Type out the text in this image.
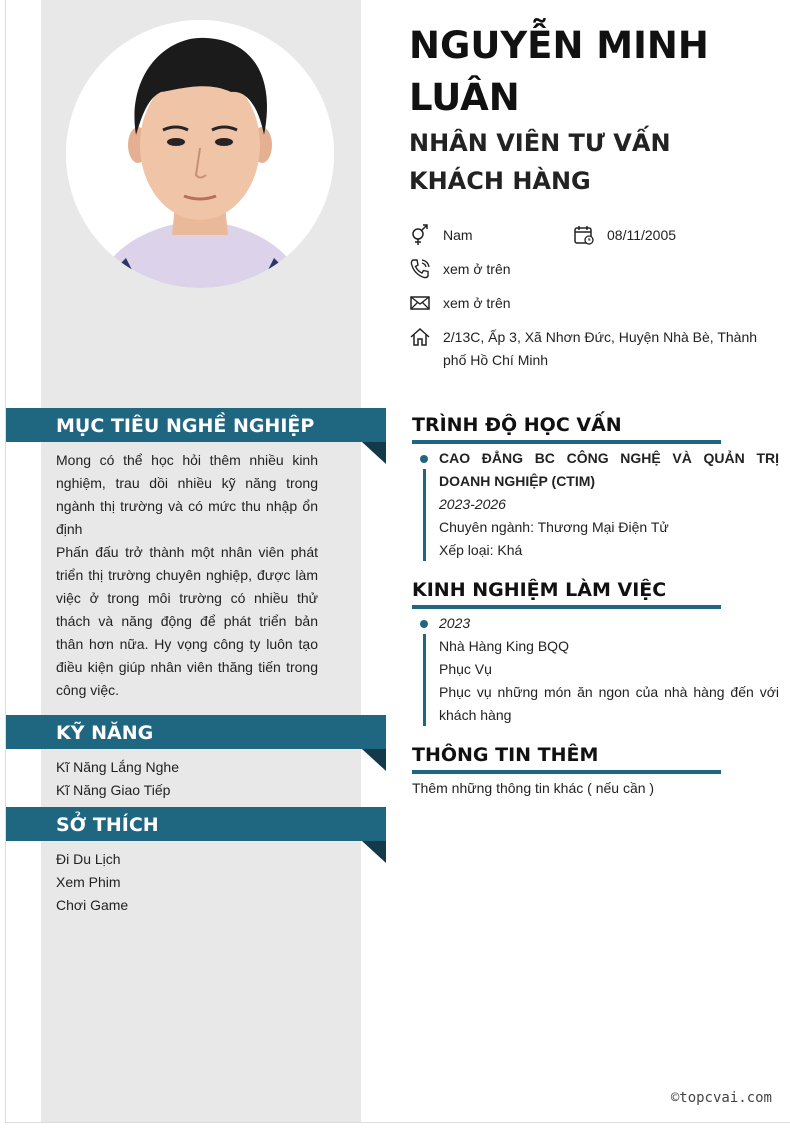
NGUYỄN MINH LUÂN
NHÂN VIÊN TƯ VẤN KHÁCH HÀNG
Nam	08/11/2005
xem ở trên
xem ở trên
2/13C, Ấp 3, Xã Nhơn Đức, Huyện Nhà Bè, Thành phố Hồ Chí Minh
MỤC TIÊU NGHỀ NGHIỆP

Mong có thể học hỏi thêm nhiều kinh nghiệm, trau dồi nhiều kỹ năng trong ngành thị trường và có mức thu nhập ổn định

Phấn đấu trở thành một nhân viên phát triển thị trường chuyên nghiệp, được làm việc ở trong môi trường có nhiều thử thách và năng động để phát triển bản thân hơn nữa. Hy vọng công ty luôn tạo điều kiện giúp nhân viên thăng tiến trong công việc.

KỸ NĂNG

Kĩ Năng Lắng Nghe

Kĩ Năng Giao Tiếp

SỞ THÍCH

Đi Du Lịch

Xem Phim

Chơi Game

TRÌNH ĐỘ HỌC VẤN
CAO ĐẲNG BC CÔNG NGHỆ VÀ QUẢN TRỊ DOANH NGHIỆP (CTIM)
2023-2026
Chuyên ngành: Thương Mại Điện Tử
Xếp loại: Khá
KINH NGHIỆM LÀM VIỆC
2023
Nhà Hàng King BQQ
Phục Vụ
Phục vụ những món ăn ngon của nhà hàng đến với khách hàng
THÔNG TIN THÊM
Thêm những thông tin khác ( nếu cần )
©topcvai.com
